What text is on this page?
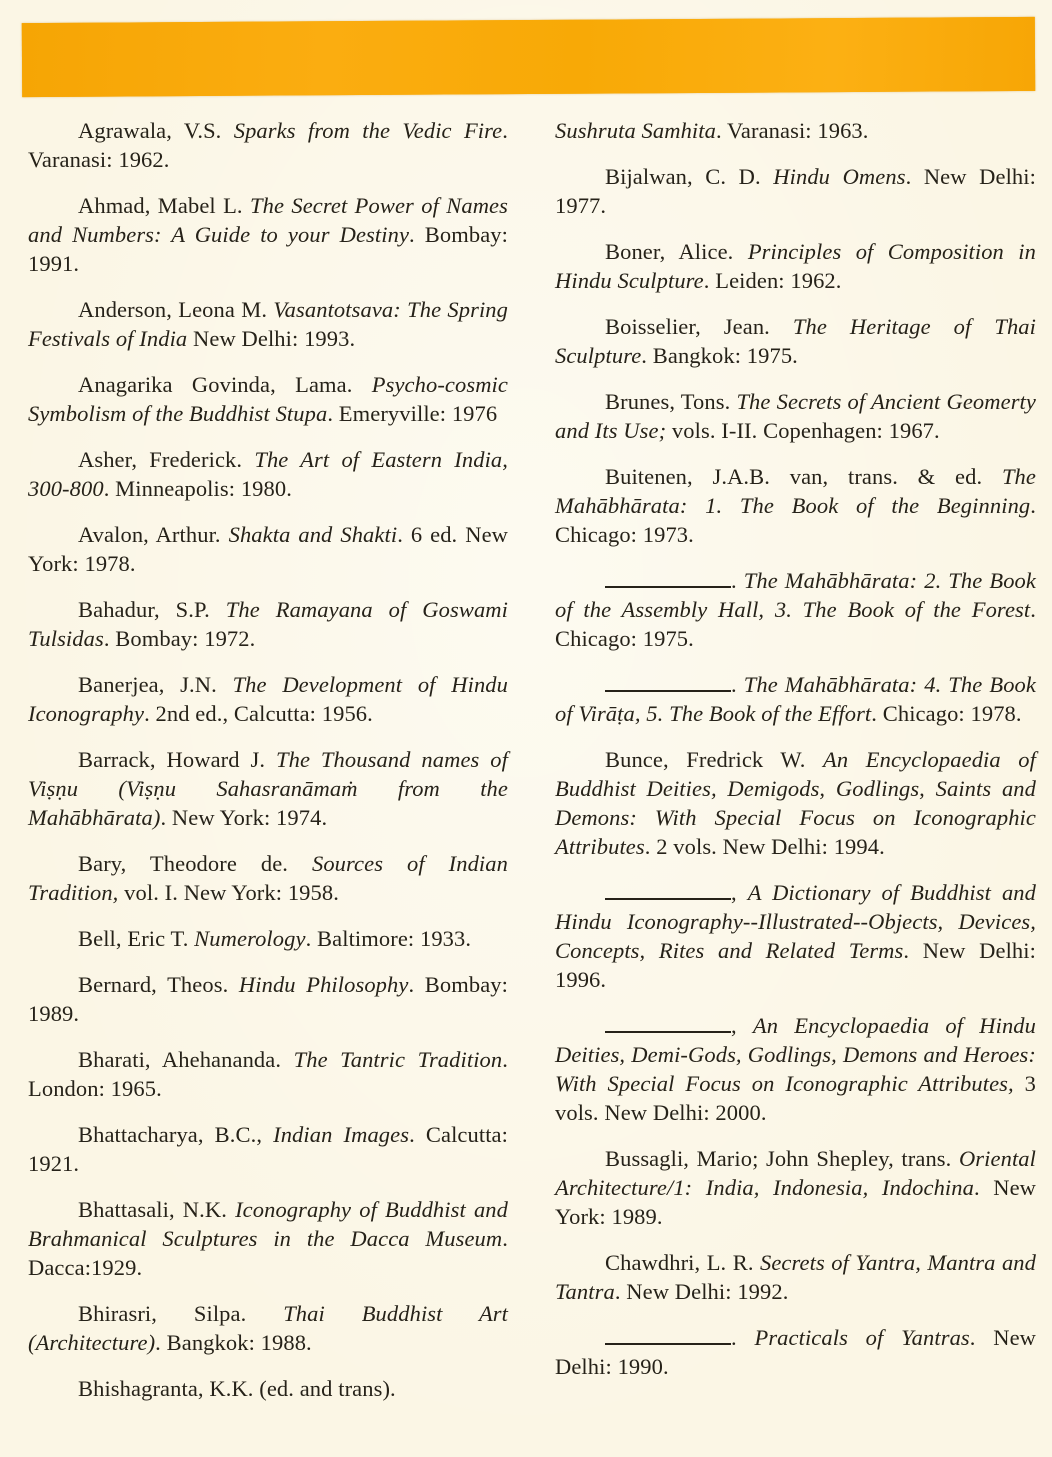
Agrawala, V.S. Sparks from the Vedic Fire. Varanasi: 1962.

Ahmad, Mabel L. The Secret Power of Names and Numbers: A Guide to your Destiny. Bombay: 1991.

Anderson, Leona M. Vasantotsava: The Spring Festivals of India New Delhi: 1993.

Anagarika Govinda, Lama. Psycho-cosmic Symbolism of the Buddhist Stupa. Emeryville: 1976

Asher, Frederick. The Art of Eastern India, 300-800. Minneapolis: 1980.

Avalon, Arthur. Shakta and Shakti. 6 ed. New York: 1978.

Bahadur, S.P. The Ramayana of Goswami Tulsidas. Bombay: 1972.

Banerjea, J.N. The Development of Hindu Iconography. 2nd ed., Calcutta: 1956.

Barrack, Howard J. The Thousand names of Viṣṇu (Viṣṇu Sahasranāmaṁ from the Mahābhārata). New York: 1974.

Bary, Theodore de. Sources of Indian Tradition, vol. I. New York: 1958.

Bell, Eric T. Numerology. Baltimore: 1933.

Bernard, Theos. Hindu Philosophy. Bombay: 1989.

Bharati, Ahehananda. The Tantric Tradition. London: 1965.

Bhattacharya, B.C., Indian Images. Calcutta: 1921.

Bhattasali, N.K. Iconography of Buddhist and Brahmanical Sculptures in the Dacca Museum. Dacca:1929.

Bhirasri, Silpa. Thai Buddhist Art (Architecture). Bangkok: 1988.

Bhishagranta, K.K. (ed. and trans).

Sushruta Samhita. Varanasi: 1963.

Bijalwan, C. D. Hindu Omens. New Delhi: 1977.

Boner, Alice. Principles of Composition in Hindu Sculpture. Leiden: 1962.

Boisselier, Jean. The Heritage of Thai Sculpture. Bangkok: 1975.

Brunes, Tons. The Secrets of Ancient Geomerty and Its Use; vols. I-II. Copenhagen: 1967.

Buitenen, J.A.B. van, trans. & ed. The Mahābhārata: 1. The Book of the Beginning. Chicago: 1973.

. The Mahābhārata: 2. The Book of the Assembly Hall, 3. The Book of the Forest. Chicago: 1975.

. The Mahābhārata: 4. The Book of Virāṭa, 5. The Book of the Effort. Chicago: 1978.

Bunce, Fredrick W. An Encyclopaedia of Buddhist Deities, Demigods, Godlings, Saints and Demons: With Special Focus on Iconographic Attributes. 2 vols. New Delhi: 1994.

, A Dictionary of Buddhist and Hindu Iconography--Illustrated--Objects, Devices, Concepts, Rites and Related Terms. New Delhi: 1996.

, An Encyclopaedia of Hindu Deities, Demi-Gods, Godlings, Demons and Heroes: With Special Focus on Iconographic Attributes, 3 vols. New Delhi: 2000.

Bussagli, Mario; John Shepley, trans. Oriental Architecture/1: India, Indonesia, Indochina. New York: 1989.

Chawdhri, L. R. Secrets of Yantra, Mantra and Tantra. New Delhi: 1992.

. Practicals of Yantras. New Delhi: 1990.
